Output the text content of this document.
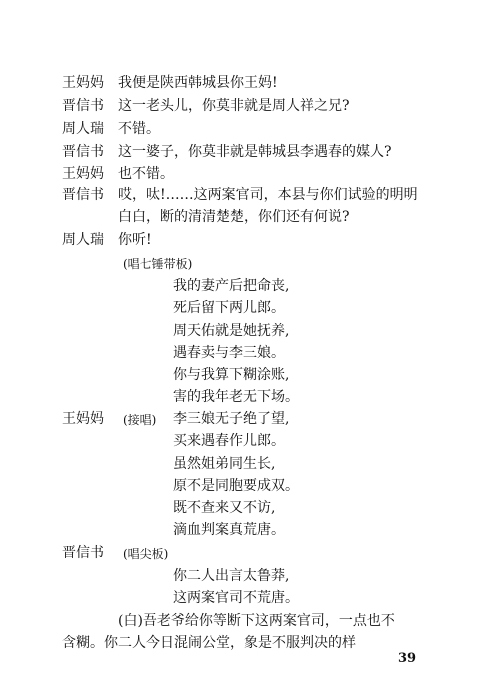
王妈妈 我便是陕西韩城县你王妈!
晋信书 这一老头儿，你莫非就是周人祥之兄?
周人瑞 不错。
晋信书 这一婆子，你莫非就是韩城县李遇春的媒人?
王妈妈 也不错。
晋信书 哎，呔!……这两案官司，本县与你们试验的明明
白白，断的清清楚楚，你们还有何说?
周人瑞 你听!
(唱七锤带板)
我的妻产后把命丧,
死后留下两儿郎。
周天佑就是她抚养,
遇春卖与李三娘。
你与我算下糊涂账,
害的我年老无下场。
王妈妈 (接唱) 李三娘无子绝了望,
买来遇春作儿郎。
虽然姐弟同生长,
原不是同胞要成双。
既不查来又不访,
滴血判案真荒唐。
晋信书 (唱尖板)
你二人出言太鲁莽,
这两案官司不荒唐。
(白)吾老爷给你等断下这两案官司，一点也不
含糊。你二人今日混闹公堂，象是不服判决的样
39
